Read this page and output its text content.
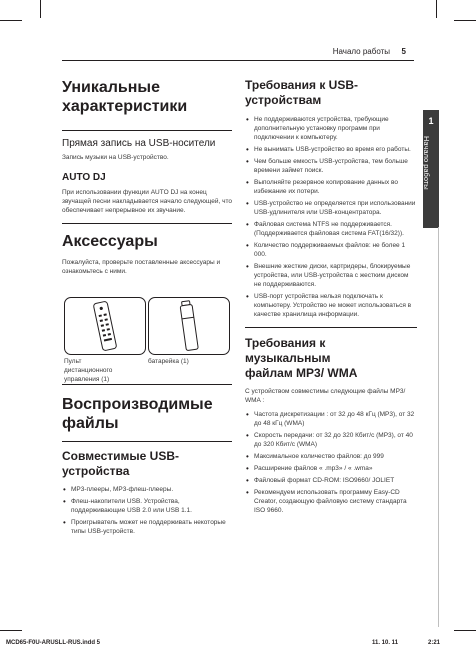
Начало работы 5
1
Начало работы
Уникальные характеристики
Прямая запись на USB-носители

Запись музыки на USB-устройство.

AUTO DJ

При использовании функции AUTO DJ на конец звучащей песни накладывается начало следующей, что обеспечивает непрерывное их звучание.

Аксессуары

Пожалуйста, проверьте поставленные аксессуары и ознакомьтесь с ними.

Пульт дистанционного управления (1)
батарейка (1)
Воспроизводимые файлы
Совместимые USB-устройства
• MP3-плееры, MP3-флеш-плееры.
• Флеш-накопители USB. Устройства, поддерживающие USB 2.0 или USB 1.1.
• Проигрыватель может не поддерживать некоторые типы USB-устройств.
Требования к USB-устройствам
• Не поддерживаются устройства, требующие дополнительную установку программ при подключении к компьютеру.
• Не вынимать USB-устройство во время его работы.
• Чем больше емкость USB-устройства, тем больше времени займет поиск.
• Выполняйте резервное копирование данных во избежание их потери.
• USB-устройство не определяется при использовании USB-удлинителя или USB-концентратора.
• Файловая система NTFS не поддерживается. (Поддерживается файловая система FAT(16/32)).
• Количество поддерживаемых файлов: не более 1 000.
• Внешние жесткие диски, картридеры, блокируемые устройства, или USB-устройства с жестким диском не поддерживаются.
• USB-порт устройства нельзя подключать к компьютеру. Устройство не может использоваться в качестве хранилища информации.
Требования к музыкальным файлам MP3/ WMA

С устройством совместимы следующие файлы MP3/ WMA :

• Частота дискретизации : от 32 до 48 кГц (MP3), от 32 до 48 кГц (WMA)
• Скорость передачи: от 32 до 320 Кбит/с (MP3), от 40 до 320 Кбит/с (WMA)
• Максимальное количество файлов: до 999
• Расширение файлов « .mp3» / « .wma»
• Файловый формат CD-ROM: ISO9660/ JOLIET
• Рекомендуем использовать программу Easy-CD Creator, создающую файловую систему стандарта ISO 9660.
MCD65-F0U-ARUSLL-RUS.indd 5	11. 10. 11	2:21
